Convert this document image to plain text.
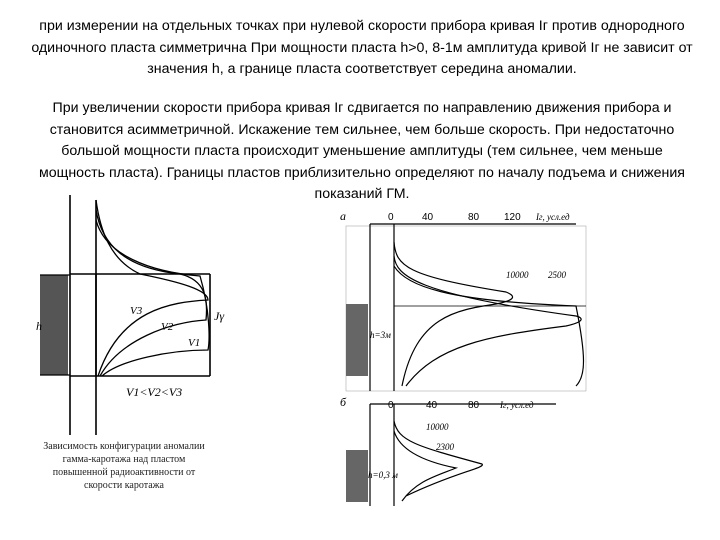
при измерении на отдельных точках при нулевой скорости прибора кривая Iг против однородного одиночного пласта симметрична При мощности пласта h>0, 8-1м амплитуда кривой Iг не зависит от значения h, а границе пласта соответствует середина аномалии.
При увеличении скорости прибора кривая Iг сдвигается по направлению движения прибора и становится асимметричной. Искажение тем сильнее, чем больше скорость. При недостаточно большой мощности пласта происходит уменьшение амплитуды (тем сильнее, чем меньше мощность пласта). Границы пластов приблизительно определяют по началу подъема и снижения показаний ГМ.
h
V3
V2
V1
Jγ
V1<V2<V3
Зависимость конфигурации аномалии гамма-каротажа над пластом повышенной радиоактивности от скорости каротажа
а	0	40	80 120 Iг, усл.ед
h=3м
10000 2500
б	0	40	80 Iг, усл.ед
h=0,3 м
10000
2300
